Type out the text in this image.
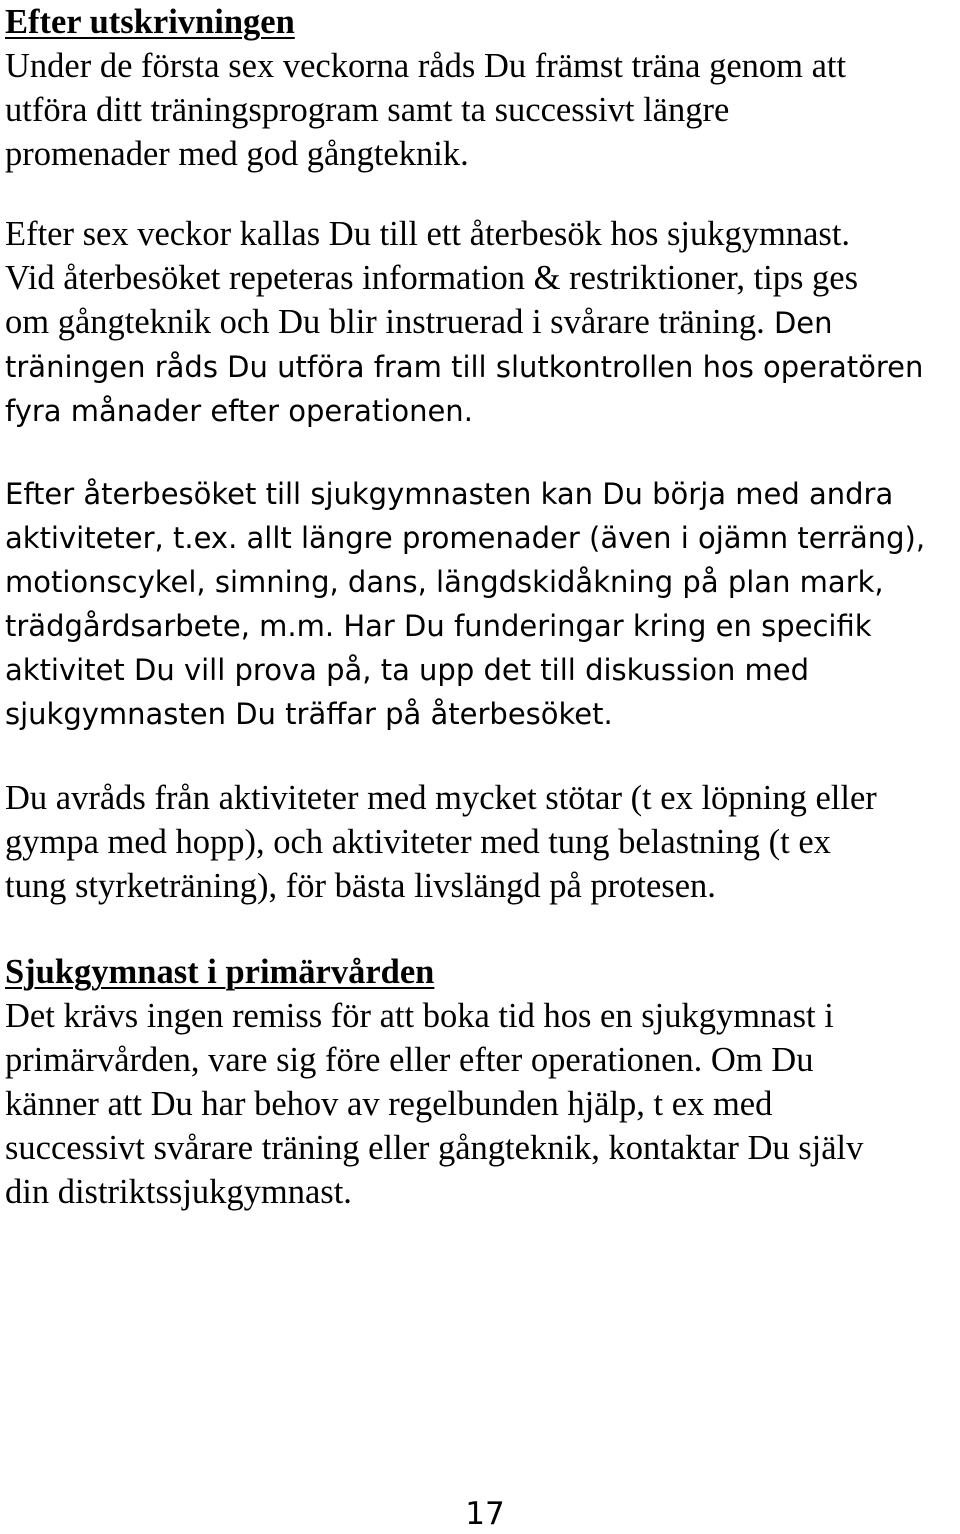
Efter utskrivningen
Under de första sex veckorna råds Du främst träna genom att
utföra ditt träningsprogram samt ta successivt längre
promenader med god gångteknik.
Efter sex veckor kallas Du till ett återbesök hos sjukgymnast.
Vid återbesöket repeteras information & restriktioner, tips ges
om gångteknik och Du blir instruerad i svårare träning. Den
träningen råds Du utföra fram till slutkontrollen hos operatören
fyra månader efter operationen.
Efter återbesöket till sjukgymnasten kan Du börja med andra
aktiviteter, t.ex. allt längre promenader (även i ojämn terräng),
motionscykel, simning, dans, längdskidåkning på plan mark,
trädgårdsarbete, m.m. Har Du funderingar kring en specifik
aktivitet Du vill prova på, ta upp det till diskussion med
sjukgymnasten Du träffar på återbesöket.
Du avråds från aktiviteter med mycket stötar (t ex löpning eller
gympa med hopp), och aktiviteter med tung belastning (t ex
tung styrketräning), för bästa livslängd på protesen.
Sjukgymnast i primärvården
Det krävs ingen remiss för att boka tid hos en sjukgymnast i
primärvården, vare sig före eller efter operationen. Om Du
känner att Du har behov av regelbunden hjälp, t ex med
successivt svårare träning eller gångteknik, kontaktar Du själv
din distriktssjukgymnast.
17
